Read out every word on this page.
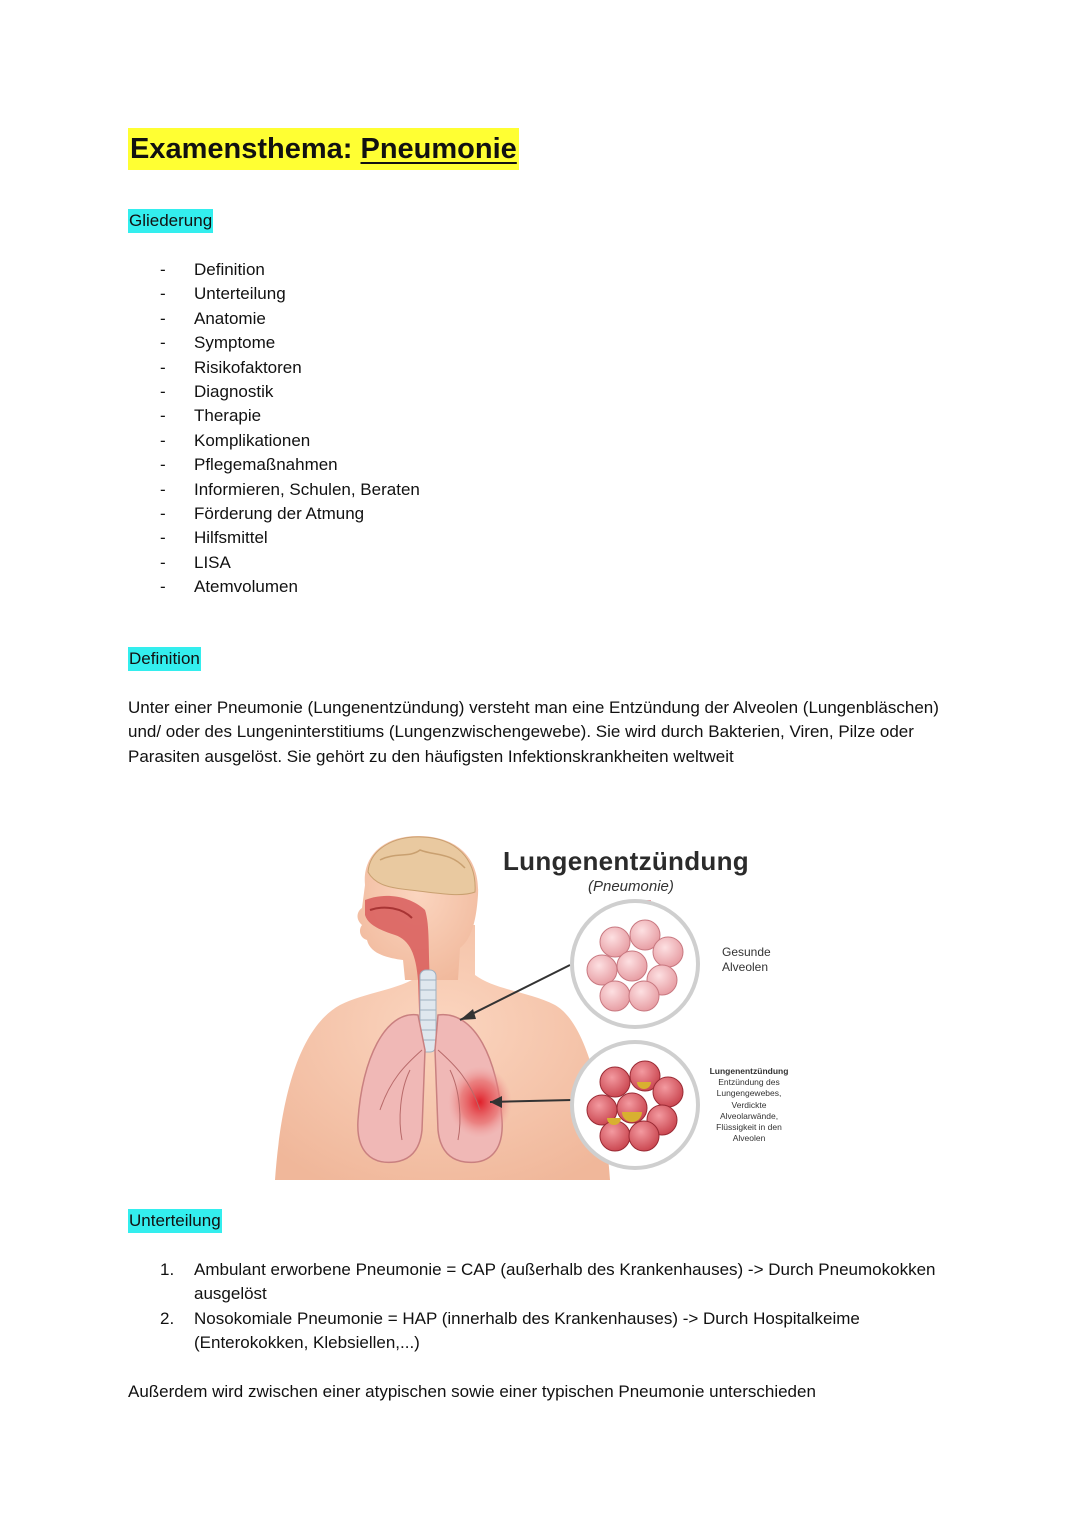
Examensthema: Pneumonie
Gliederung
- Definition
- Unterteilung
- Anatomie
- Symptome
- Risikofaktoren
- Diagnostik
- Therapie
- Komplikationen
- Pflegemaßnahmen
- Informieren, Schulen, Beraten
- Förderung der Atmung
- Hilfsmittel
- LISA
- Atemvolumen
Definition
Unter einer Pneumonie (Lungenentzündung) versteht man eine Entzündung der Alveolen (Lungenbläschen) und/ oder des Lungeninterstitiums (Lungenzwischengewebe). Sie wird durch Bakterien, Viren, Pilze oder Parasiten ausgelöst. Sie gehört zu den häufigsten Infektionskrankheiten weltweit
Lungenentzündung
(Pneumonie)
Gesunde
Alveolen
Lungenentzündung
Entzündung des
Lungengewebes,
Verdickte
Alveolarwände,
Flüssigkeit in den
Alveolen
Unterteilung
1. Ambulant erworbene Pneumonie = CAP (außerhalb des Krankenhauses) -> Durch Pneumokokken ausgelöst
2. Nosokomiale Pneumonie = HAP (innerhalb des Krankenhauses) -> Durch Hospitalkeime (Enterokokken, Klebsiellen,...)
Außerdem wird zwischen einer atypischen sowie einer typischen Pneumonie unterschieden
